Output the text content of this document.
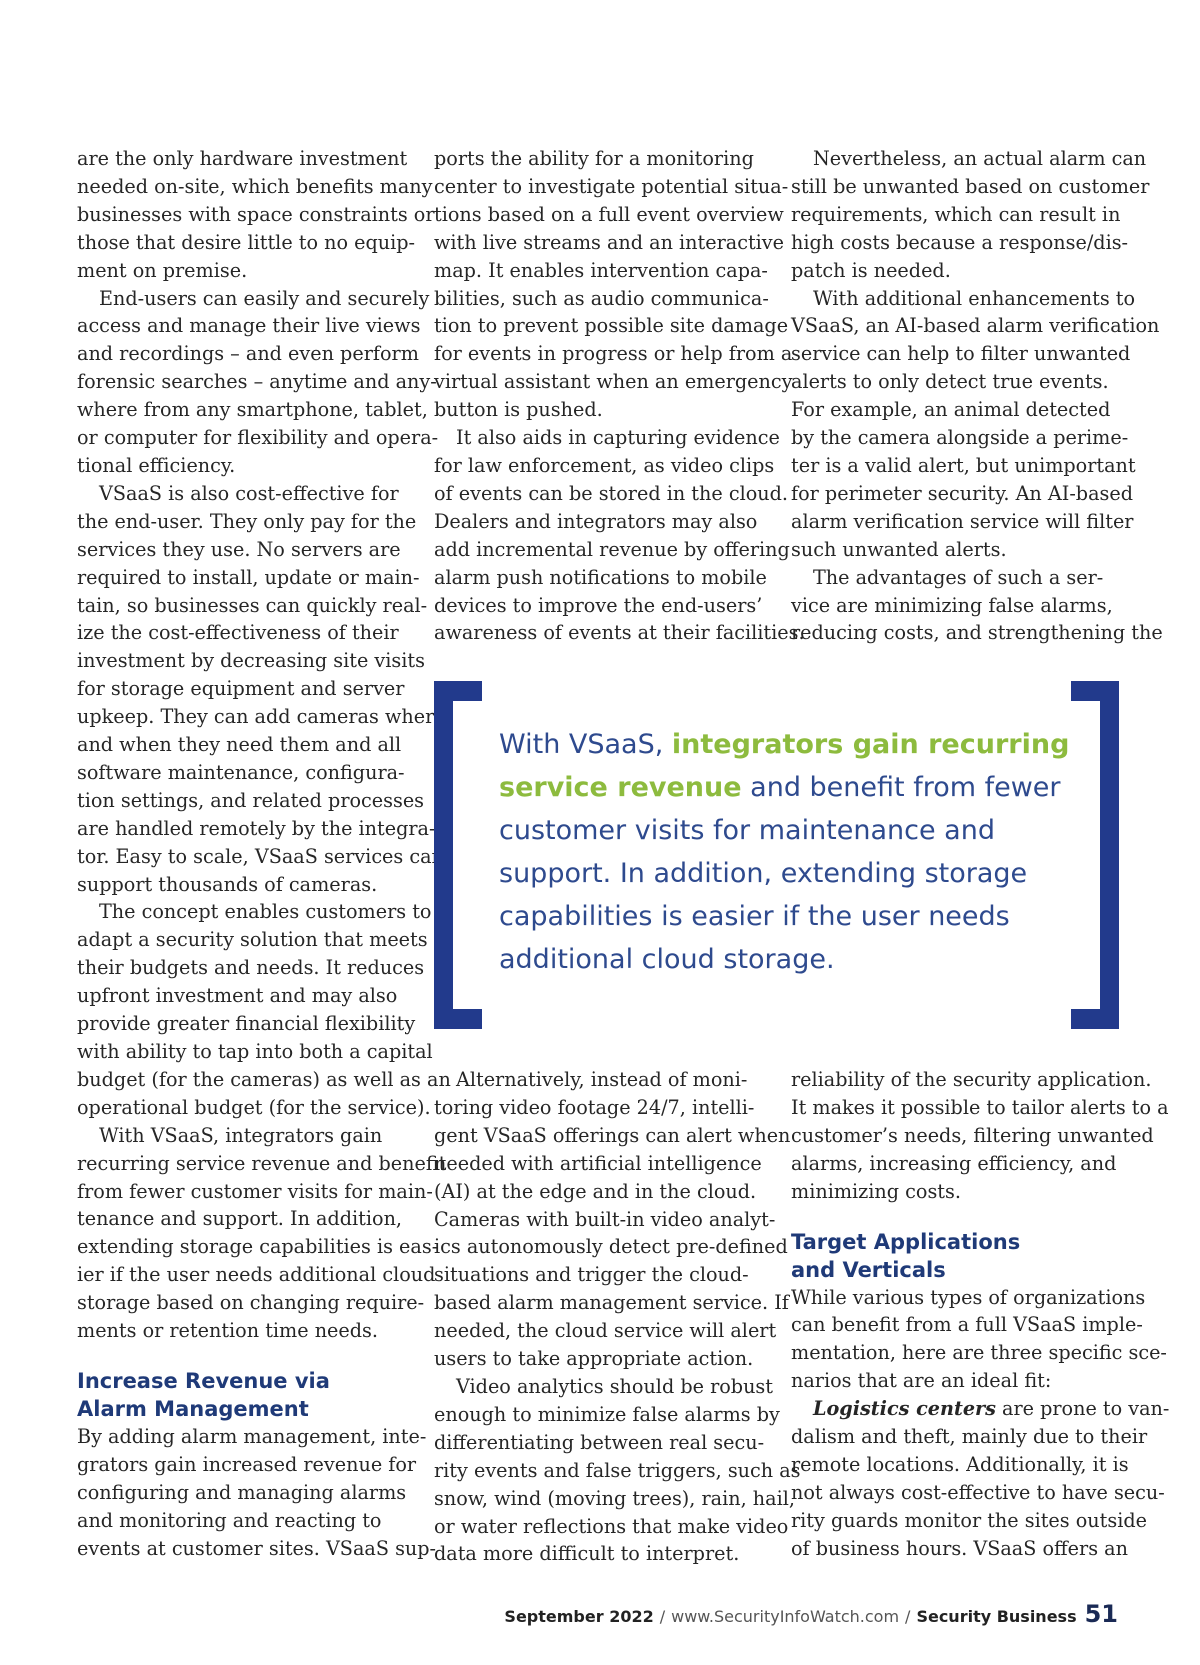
are the only hardware investment
needed on-site, which benefits many
businesses with space constraints or
those that desire little to no equip-
ment on premise.
End-users can easily and securely
access and manage their live views
and recordings – and even perform
forensic searches – anytime and any-
where from any smartphone, tablet,
or computer for flexibility and opera-
tional efficiency.
VSaaS is also cost-effective for
the end-user. They only pay for the
services they use. No servers are
required to install, update or main-
tain, so businesses can quickly real-
ize the cost-effectiveness of their
investment by decreasing site visits
for storage equipment and server
upkeep. They can add cameras where
and when they need them and all
software maintenance, configura-
tion settings, and related processes
are handled remotely by the integra-
tor. Easy to scale, VSaaS services can
support thousands of cameras.
The concept enables customers to
adapt a security solution that meets
their budgets and needs. It reduces
upfront investment and may also
provide greater financial flexibility
with ability to tap into both a capital
budget (for the cameras) as well as an
operational budget (for the service).
With VSaaS, integrators gain
recurring service revenue and benefit
from fewer customer visits for main-
tenance and support. In addition,
extending storage capabilities is eas-
ier if the user needs additional cloud
storage based on changing require-
ments or retention time needs.
Increase Revenue via
Alarm Management
By adding alarm management, inte-
grators gain increased revenue for
configuring and managing alarms
and monitoring and reacting to
events at customer sites. VSaaS sup-
ports the ability for a monitoring
center to investigate potential situa-
tions based on a full event overview
with live streams and an interactive
map. It enables intervention capa-
bilities, such as audio communica-
tion to prevent possible site damage
for events in progress or help from a
virtual assistant when an emergency
button is pushed.
It also aids in capturing evidence
for law enforcement, as video clips
of events can be stored in the cloud.
Dealers and integrators may also
add incremental revenue by offering
alarm push notifications to mobile
devices to improve the end-users’
awareness of events at their facilities.
Nevertheless, an actual alarm can
still be unwanted based on customer
requirements, which can result in
high costs because a response/dis-
patch is needed.
With additional enhancements to
VSaaS, an AI-based alarm verification
service can help to filter unwanted
alerts to only detect true events.
For example, an animal detected
by the camera alongside a perime-
ter is a valid alert, but unimportant
for perimeter security. An AI-based
alarm verification service will filter
such unwanted alerts.
The advantages of such a ser-
vice are minimizing false alarms,
reducing costs, and strengthening the
With VSaaS, integrators gain recurring
service revenue and benefit from fewer
customer visits for maintenance and
support. In addition, extending storage
capabilities is easier if the user needs
additional cloud storage.
Alternatively, instead of moni-
toring video footage 24/7, intelli-
gent VSaaS offerings can alert when
needed with artificial intelligence
(AI) at the edge and in the cloud.
Cameras with built-in video analyt-
ics autonomously detect pre-defined
situations and trigger the cloud-
based alarm management service. If
needed, the cloud service will alert
users to take appropriate action.
Video analytics should be robust
enough to minimize false alarms by
differentiating between real secu-
rity events and false triggers, such as
snow, wind (moving trees), rain, hail,
or water reflections that make video
data more difficult to interpret.
reliability of the security application.
It makes it possible to tailor alerts to a
customer’s needs, filtering unwanted
alarms, increasing efficiency, and
minimizing costs.
Target Applications
and Verticals
While various types of organizations
can benefit from a full VSaaS imple-
mentation, here are three specific sce-
narios that are an ideal fit:
Logistics centers are prone to van-
dalism and theft, mainly due to their
remote locations. Additionally, it is
not always cost-effective to have secu-
rity guards monitor the sites outside
of business hours. VSaaS offers an
September 2022 / www.SecurityInfoWatch.com / Security Business 51
